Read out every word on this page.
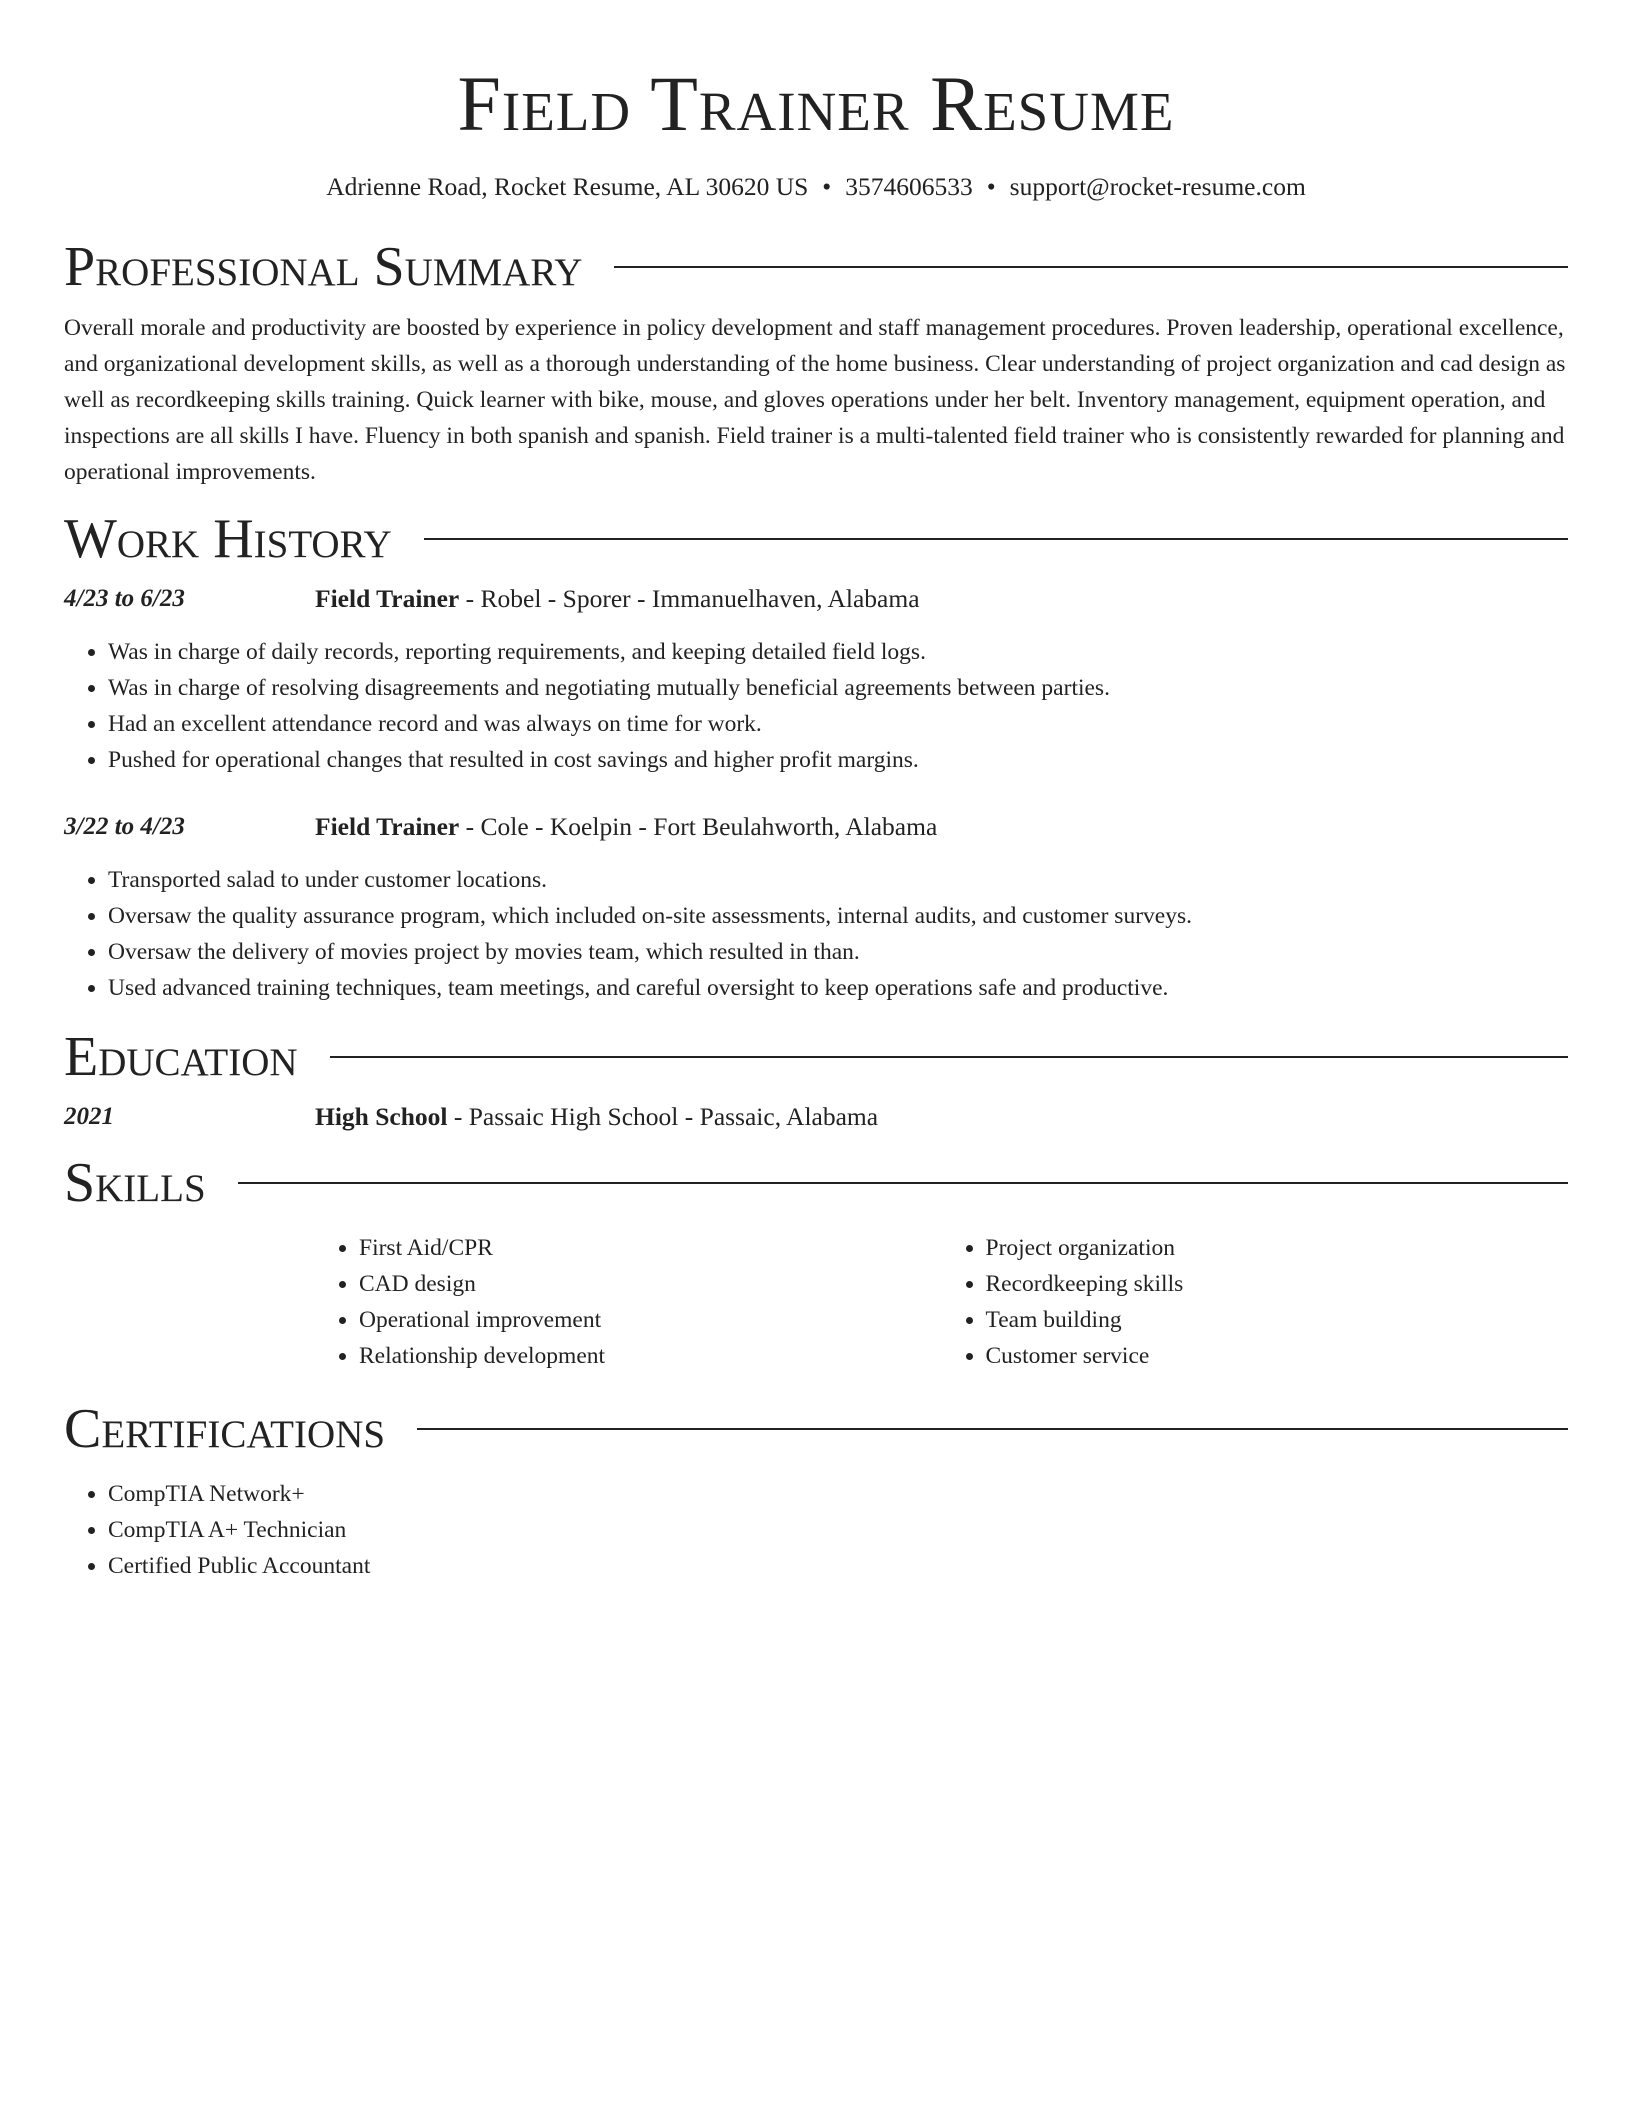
Field Trainer Resume
Adrienne Road, Rocket Resume, AL 30620 US • 3574606533 • support@rocket-resume.com
Professional Summary

Overall morale and productivity are boosted by experience in policy development and staff management procedures. Proven leadership, operational excellence, and organizational development skills, as well as a thorough understanding of the home business. Clear understanding of project organization and cad design as well as recordkeeping skills training. Quick learner with bike, mouse, and gloves operations under her belt. Inventory management, equipment operation, and inspections are all skills I have. Fluency in both spanish and spanish. Field trainer is a multi-talented field trainer who is consistently rewarded for planning and operational improvements.

Work History
4/23 to 6/23	Field Trainer - Robel - Sporer - Immanuelhaven, Alabama
• Was in charge of daily records, reporting requirements, and keeping detailed field logs.
• Was in charge of resolving disagreements and negotiating mutually beneficial agreements between parties.
• Had an excellent attendance record and was always on time for work.
• Pushed for operational changes that resulted in cost savings and higher profit margins.
3/22 to 4/23	Field Trainer - Cole - Koelpin - Fort Beulahworth, Alabama
• Transported salad to under customer locations.
• Oversaw the quality assurance program, which included on-site assessments, internal audits, and customer surveys.
• Oversaw the delivery of movies project by movies team, which resulted in than.
• Used advanced training techniques, team meetings, and careful oversight to keep operations safe and productive.
Education
2021	High School - Passaic High School - Passaic, Alabama
Skills
• First Aid/CPR
• CAD design
• Operational improvement
• Relationship development
• Project organization
• Recordkeeping skills
• Team building
• Customer service
Certifications
• CompTIA Network+
• CompTIA A+ Technician
• Certified Public Accountant
